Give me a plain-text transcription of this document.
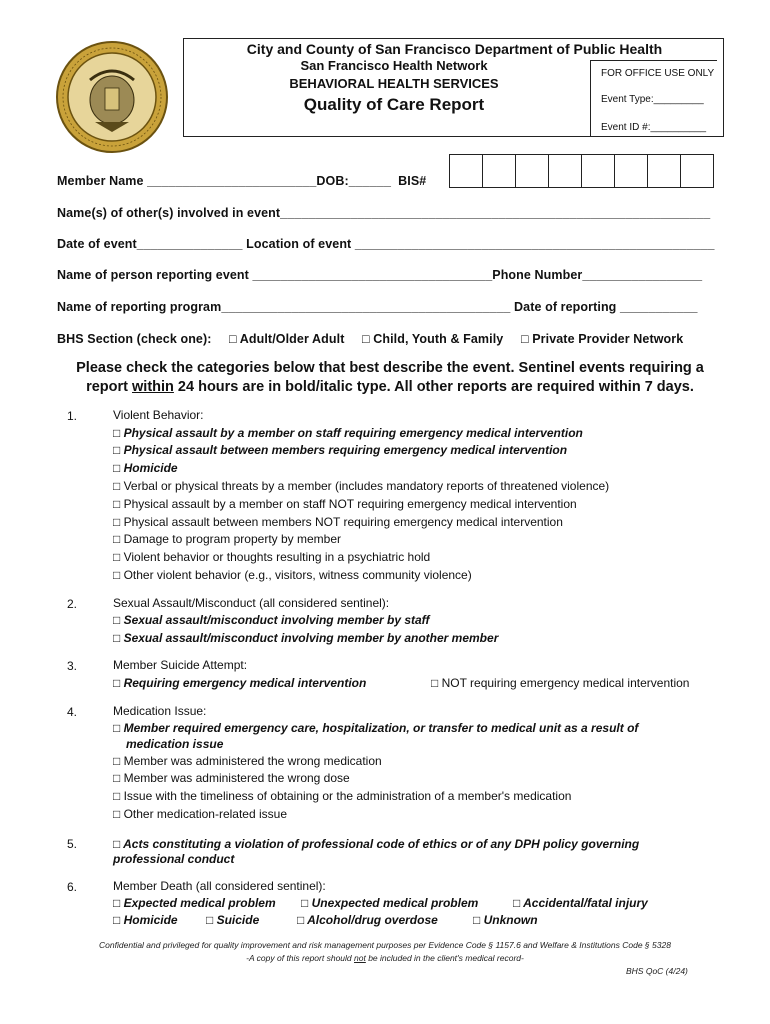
City and County of San Francisco Department of Public Health
San Francisco Health Network
BEHAVIORAL HEALTH SERVICES
Quality of Care Report
FOR OFFICE USE ONLY
Event Type:_________
Event ID #:__________
Member Name ________________________DOB:______  BIS#
Name(s) of other(s) involved in event_____________________________________________________________
Date of event_______________ Location of event ___________________________________________________
Name of person reporting event __________________________________Phone Number_________________
Name of reporting program_________________________________________ Date of reporting ___________
BHS Section (check one): □ Adult/Older Adult □ Child, Youth & Family □ Private Provider Network
Please check the categories below that best describe the event. Sentinel events requiring a
report within 24 hours are in bold/italic type. All other reports are required within 7 days.
1.	Violent Behavior:
□ Physical assault by a member on staff requiring emergency medical intervention
□ Physical assault between members requiring emergency medical intervention
□ Homicide
□ Verbal or physical threats by a member (includes mandatory reports of threatened violence)
□ Physical assault by a member on staff NOT requiring emergency medical intervention
□ Physical assault between members NOT requiring emergency medical intervention
□ Damage to program property by member
□ Violent behavior or thoughts resulting in a psychiatric hold
□ Other violent behavior (e.g., visitors, witness community violence)
2.	Sexual Assault/Misconduct (all considered sentinel):
□ Sexual assault/misconduct involving member by staff
□ Sexual assault/misconduct involving member by another member
3.	Member Suicide Attempt:
□ Requiring emergency medical intervention	□ NOT requiring emergency medical intervention
4.	Medication Issue:
□ Member required emergency care, hospitalization, or transfer to medical unit as a result of
medication issue
□ Member was administered the wrong medication
□ Member was administered the wrong dose
□ Issue with the timeliness of obtaining or the administration of a member's medication
□ Other medication-related issue
5.	□ Acts constituting a violation of professional code of ethics or of any DPH policy governing
professional conduct
6.	Member Death (all considered sentinel):
□ Expected medical problem □ Unexpected medical problem	□ Accidental/fatal injury
□ Homicide □ Suicide	□ Alcohol/drug overdose	□ Unknown
Confidential and privileged for quality improvement and risk management purposes per Evidence Code § 1157.6 and Welfare & Institutions Code § 5328
-A copy of this report should not be included in the client's medical record-
BHS QoC (4/24)
